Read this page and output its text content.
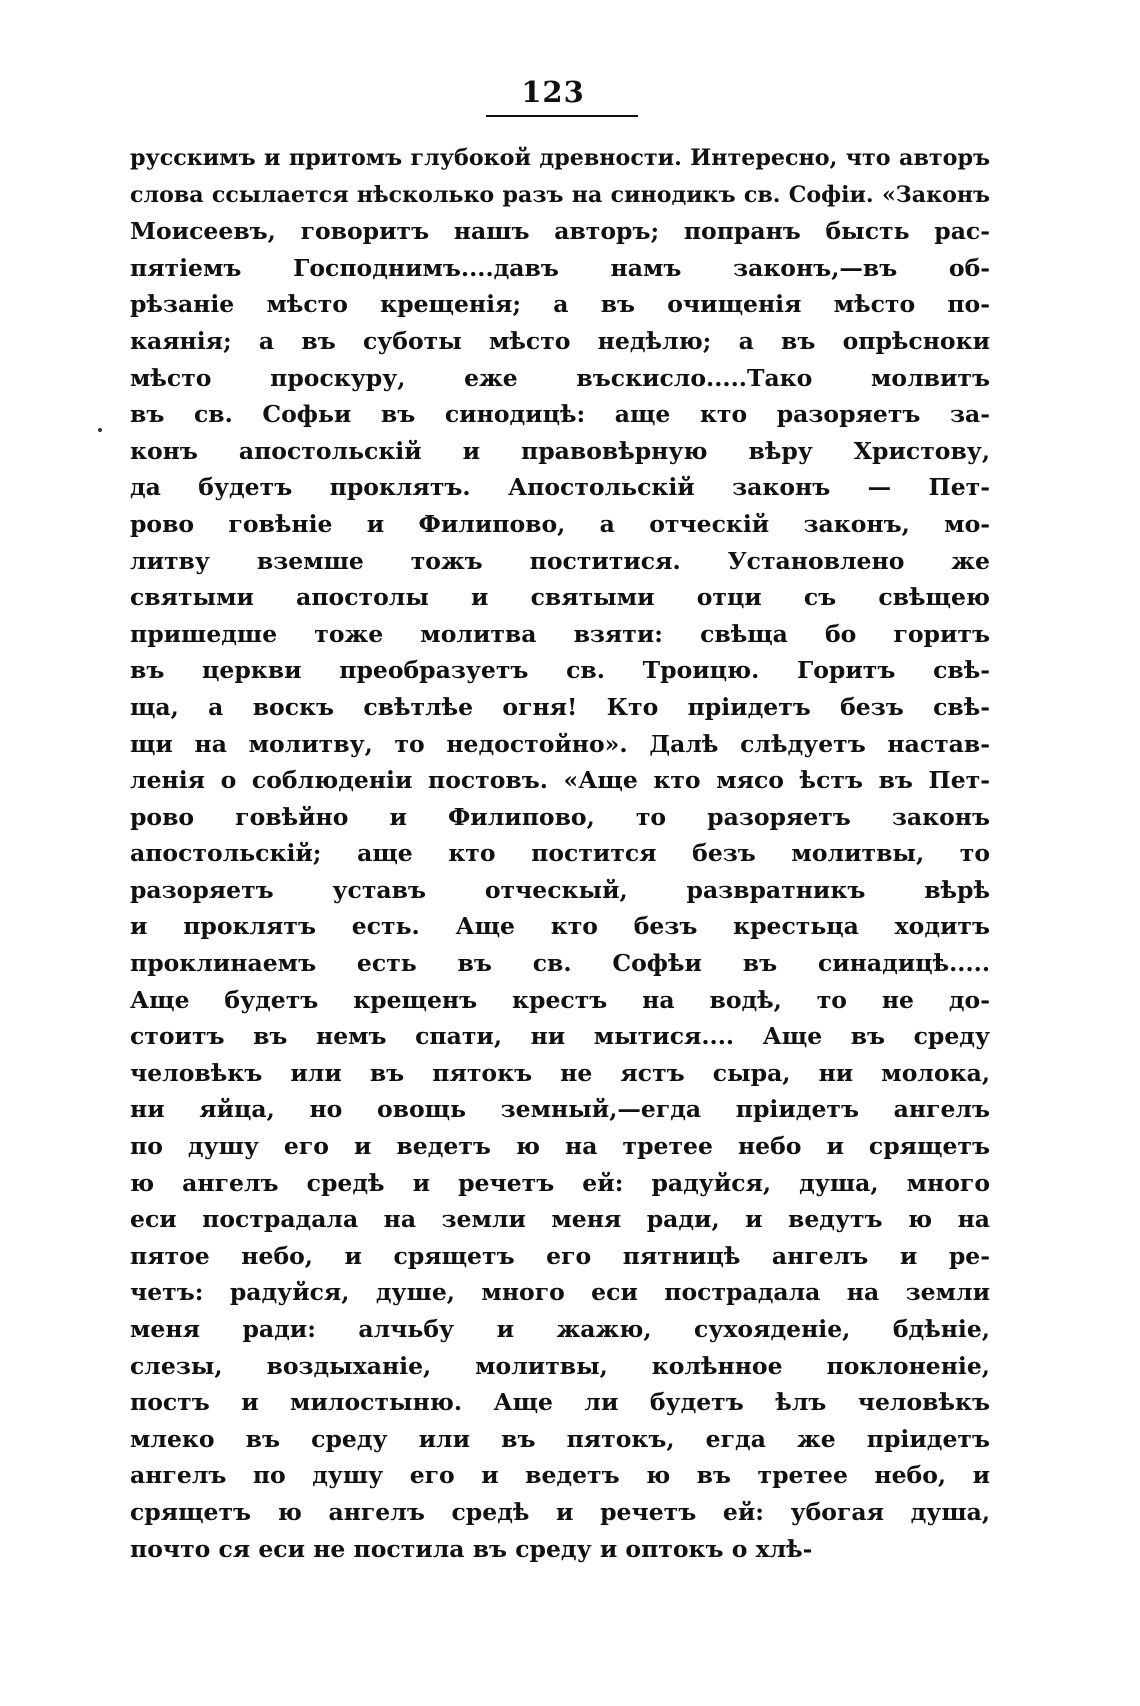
123
русскимъ и притомъ глубокой древности. Интересно, что авторъ
слова ссылается нѣсколько разъ на синодикъ св. Софіи. «Законъ
Моисеевъ, говоритъ нашъ авторъ; попранъ бысть рас-
пятіемъ Господнимъ....давъ намъ законъ,—въ об-
рѣзаніе мѣсто крещенія; а въ очищенія мѣсто по-
каянія; а въ суботы мѣсто недѣлю; а въ опрѣсноки
мѣсто проскуру, еже въскисло.....Тако молвитъ
въ св. Софьи въ синодицѣ: аще кто разоряетъ за-
конъ апостольскій и правовѣрную вѣру Христову,
да будетъ проклятъ. Апостольскій законъ — Пет-
рово говѣніе и Филипово, а отческій законъ, мо-
литву вземше тожъ поститися. Установлено же
святыми апостолы и святыми отци съ свѣщею
пришедше тоже молитва взяти: свѣща бо горитъ
въ церкви преобразуетъ св. Троицю. Горитъ свѣ-
ща, а воскъ свѣтлѣе огня! Кто пріидетъ безъ свѣ-
щи на молитву, то недостойно». Далѣ слѣдуетъ настав-
ленія о соблюденіи постовъ. «Аще кто мясо ѣстъ въ Пет-
рово говѣйно и Филипово, то разоряетъ законъ
апостольскій; аще кто постится безъ молитвы, то
разоряетъ уставъ отческый, развратникъ вѣрѣ
и проклятъ есть. Аще кто безъ крестьца ходитъ
проклинаемъ есть въ св. Софѣи въ синадицѣ.....
Аще будетъ крещенъ крестъ на водѣ, то не до-
стоитъ въ немъ спати, ни мытися.... Аще въ среду
человѣкъ или въ пятокъ не ястъ сыра, ни молока,
ни яйца, но овощь земный,—егда пріидетъ ангелъ
по душу его и ведетъ ю на третее небо и срящетъ
ю ангелъ средѣ и речетъ ей: радуйся, душа, много
еси пострадала на земли меня ради, и ведутъ ю на
пятое небо, и срящетъ его пятницѣ ангелъ и ре-
четъ: радуйся, душе, много еси пострадала на земли
меня ради: алчьбу и жажю, сухояденіе, бдѣніе,
слезы, воздыханіе, молитвы, колѣнное поклоненіе,
постъ и милостыню. Аще ли будетъ ѣлъ человѣкъ
млеко въ среду или въ пятокъ, егда же пріидетъ
ангелъ по душу его и ведетъ ю въ третее небо, и
срящетъ ю ангелъ средѣ и речетъ ей: убогая душа,
почто ся еси не постила въ среду и оптокъ о хлѣ-
